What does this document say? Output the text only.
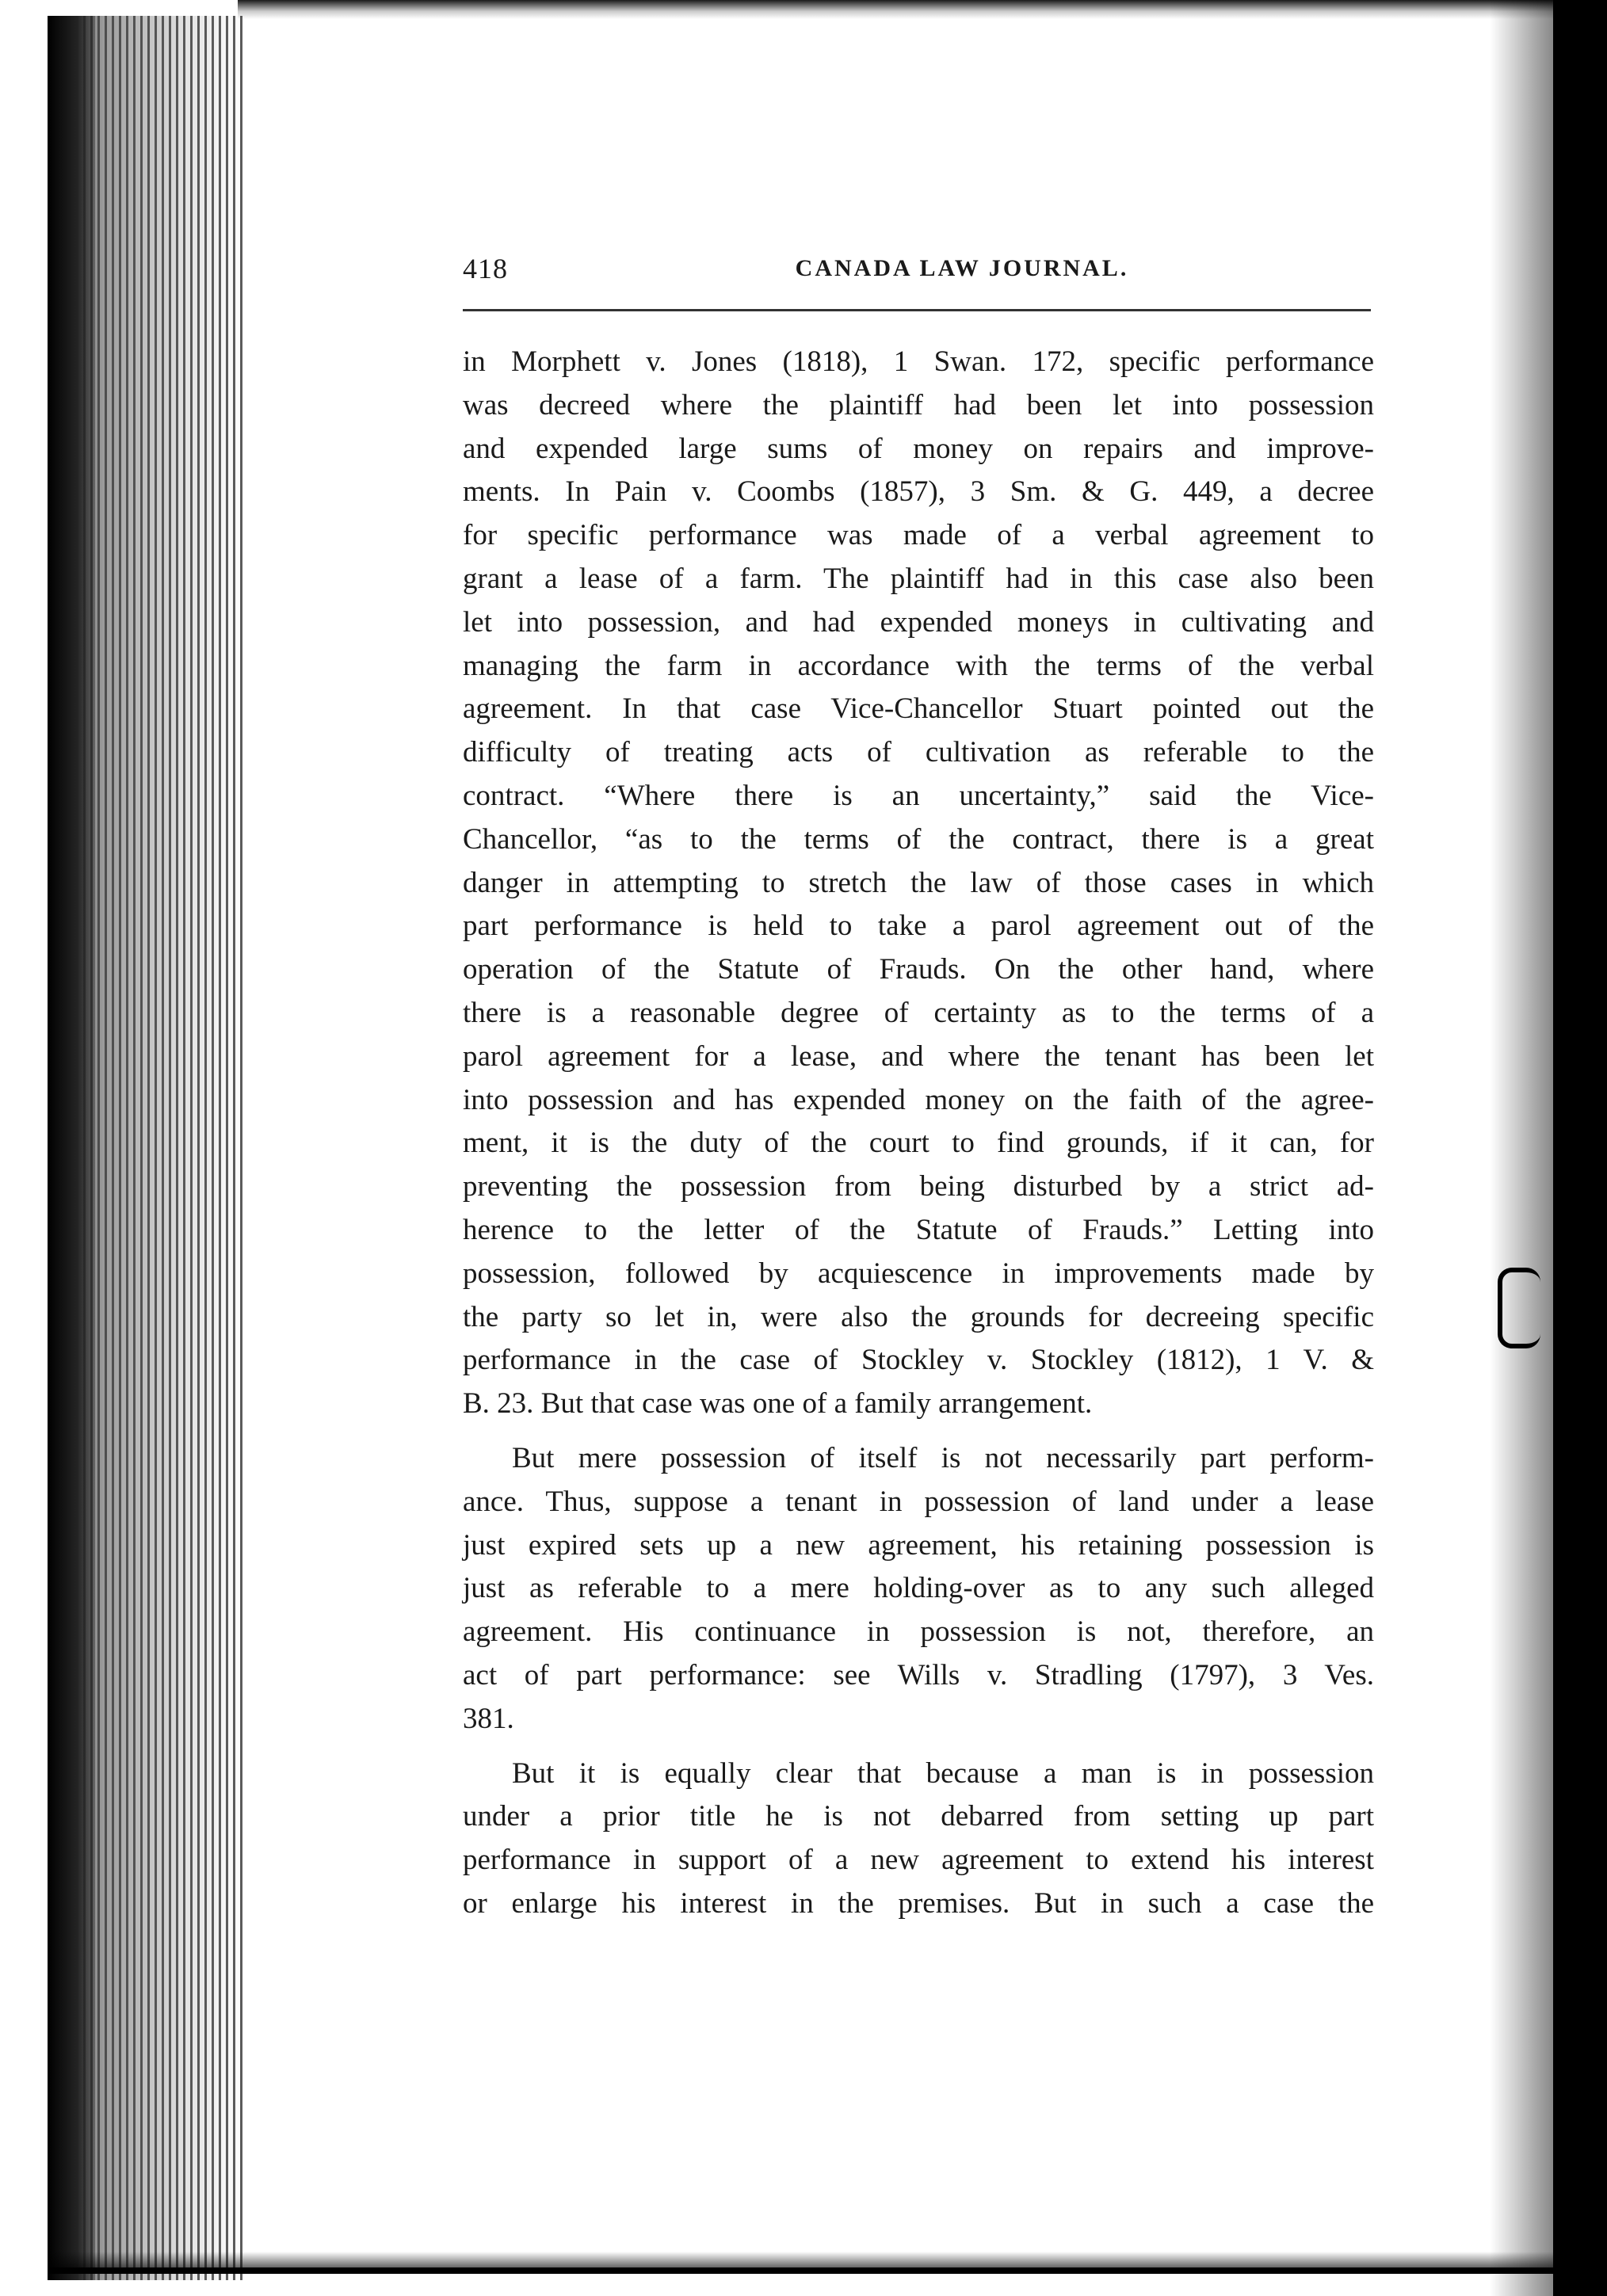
418	CANADA LAW JOURNAL.
in Morphett v. Jones (1818), 1 Swan. 172, specific performance
was decreed where the plaintiff had been let into possession
and expended large sums of money on repairs and improve-
ments. In Pain v. Coombs (1857), 3 Sm. & G. 449, a decree
for specific performance was made of a verbal agreement to
grant a lease of a farm. The plaintiff had in this case also been
let into possession, and had expended moneys in cultivating and
managing the farm in accordance with the terms of the verbal
agreement. In that case Vice-Chancellor Stuart pointed out the
difficulty of treating acts of cultivation as referable to the
contract. “Where there is an uncertainty,” said the Vice-
Chancellor, “as to the terms of the contract, there is a great
danger in attempting to stretch the law of those cases in which
part performance is held to take a parol agreement out of the
operation of the Statute of Frauds. On the other hand, where
there is a reasonable degree of certainty as to the terms of a
parol agreement for a lease, and where the tenant has been let
into possession and has expended money on the faith of the agree-
ment, it is the duty of the court to find grounds, if it can, for
preventing the possession from being disturbed by a strict ad-
herence to the letter of the Statute of Frauds.” Letting into
possession, followed by acquiescence in improvements made by
the party so let in, were also the grounds for decreeing specific
performance in the case of Stockley v. Stockley (1812), 1 V. &
B. 23. But that case was one of a family arrangement.
But mere possession of itself is not necessarily part perform-
ance. Thus, suppose a tenant in possession of land under a lease
just expired sets up a new agreement, his retaining possession is
just as referable to a mere holding-over as to any such alleged
agreement. His continuance in possession is not, therefore, an
act of part performance: see Wills v. Stradling (1797), 3 Ves.
381.
But it is equally clear that because a man is in possession
under a prior title he is not debarred from setting up part
performance in support of a new agreement to extend his interest
or enlarge his interest in the premises. But in such a case the
